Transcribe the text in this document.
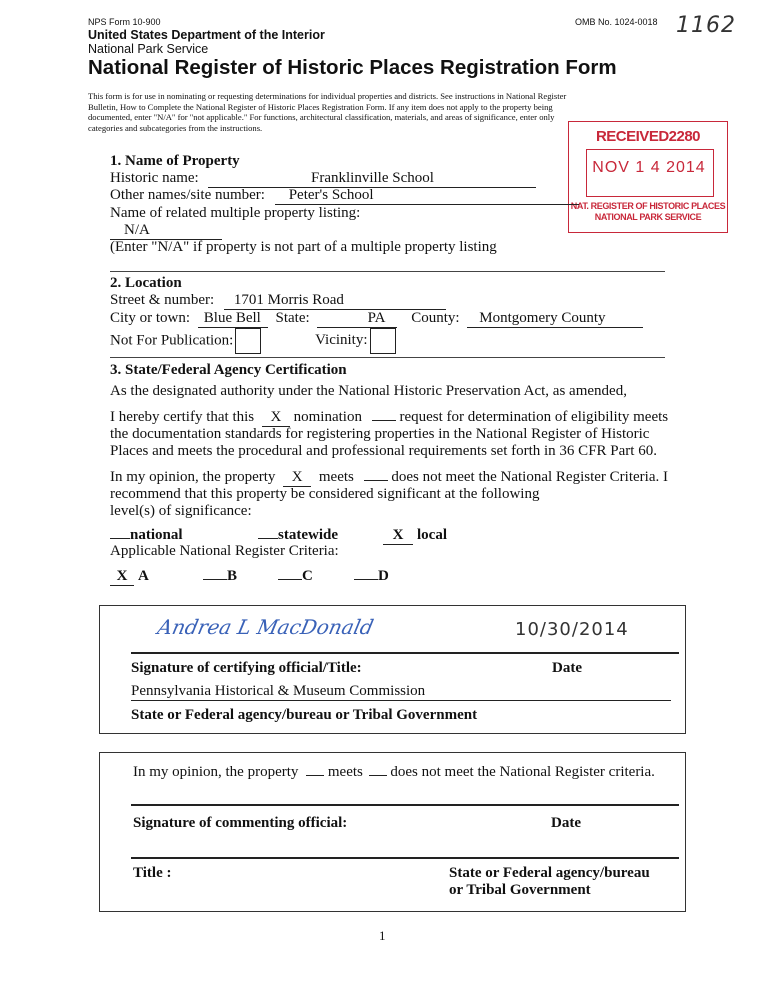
NPS Form 10-900	OMB No. 1024-0018 1162
United States Department of the Interior
National Park Service
National Register of Historic Places Registration Form
This form is for use in nominating or requesting determinations for individual properties and districts. See instructions in National Register
Bulletin, How to Complete the National Register of Historic Places Registration Form. If any item does not apply to the property being
documented, enter "N/A" for "not applicable." For functions, architectural classification, materials, and areas of significance, enter only
categories and subcategories from the instructions.
RECEIVED2280
NOV 1 4 2014
NAT. REGISTER OF HISTORIC PLACES
NATIONAL PARK SERVICE
1. Name of Property
Historic name:	Franklinville School
Other names/site number: Peter's School
Name of related multiple property listing:
N/A
(Enter "N/A" if property is not part of a multiple property listing
2. Location
Street & number: 1701 Morris Road
City or town: Blue Bell State:	PA County: Montgomery County
Not For Publication:	Vicinity:
3. State/Federal Agency Certification
As the designated authority under the National Historic Preservation Act, as amended,
I hereby certify that this X nomination	request for determination of eligibility meets
the documentation standards for registering properties in the National Register of Historic
Places and meets the procedural and professional requirements set forth in 36 CFR Part 60.
In my opinion, the property X meets	does not meet the National Register Criteria. I
recommend that this property be considered significant at the following
level(s) of significance:
national	statewide	X local
Applicable National Register Criteria:
X A	B	C	D
Andrea L MacDonald	10/30/2014
Signature of certifying official/Title:	Date
Pennsylvania Historical & Museum Commission
State or Federal agency/bureau or Tribal Government
In my opinion, the property meets does not meet the National Register criteria.
Signature of commenting official:	Date
Title :	State or Federal agency/bureau
or Tribal Government
1
